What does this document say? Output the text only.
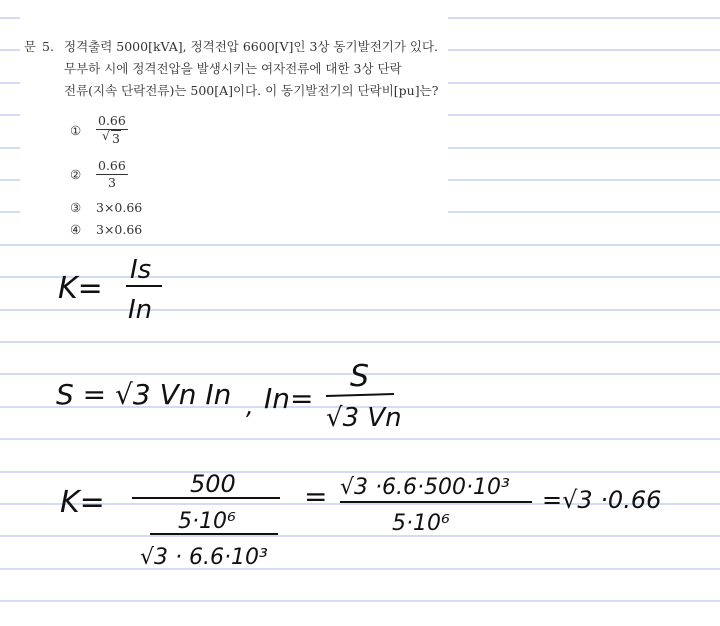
문 5. 정격출력 5000[kVA], 정격전압 6600[V]인 3상 동기발전기가 있다.
무부하 시에 정격전압을 발생시키는 여자전류에 대한 3상 단락
전류(지속 단락전류)는 500[A]이다. 이 동기발전기의 단락비[pu]는?
①	0.66
√ 3
②	$\frac{0.66}{3}$
③	3×0.66
④	3×0.66
K=
Is
In
S = √3 Vn In , In=
S
√3 Vn
K=
500
5·10⁶
√3 · 6.6·10³
= √3 ·6.6·500·10³
5·10⁶
=√3 ·0.66
